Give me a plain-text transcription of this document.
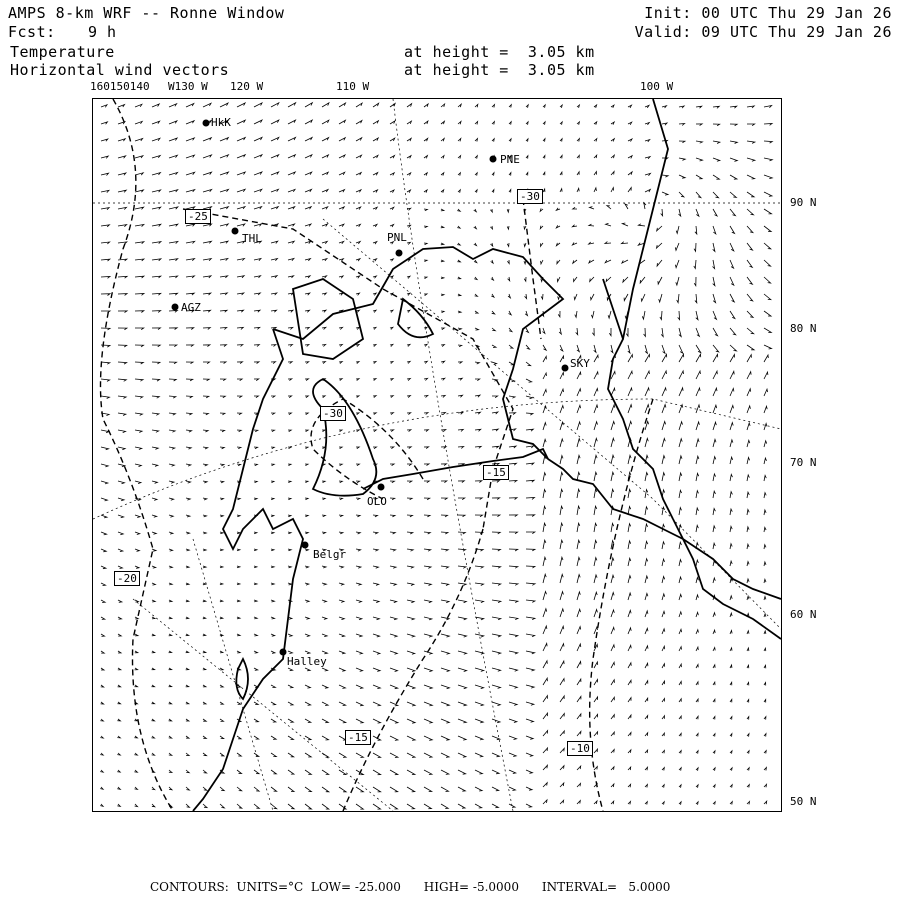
AMPS 8-km WRF -- Ronne Window
Fcst: 9 h
Temperature
Horizontal wind vectors
at height =  3.05 km
at height =  3.05 km
Init: 00 UTC Thu 29 Jan 26
Valid: 09 UTC Thu 29 Jan 26
160150140 W130 W 120 W	110 W	100 W
90 N
80 N
70 N
60 N
50 N
HkK
PNE
THL	PNL
AGZ
SKY
OLO
Belgr
Halley
-25
-30
-30
-15
-20
-15
-10
CONTOURS:  UNITS=°C  LOW= -25.000      HIGH= -5.0000      INTERVAL=   5.0000
